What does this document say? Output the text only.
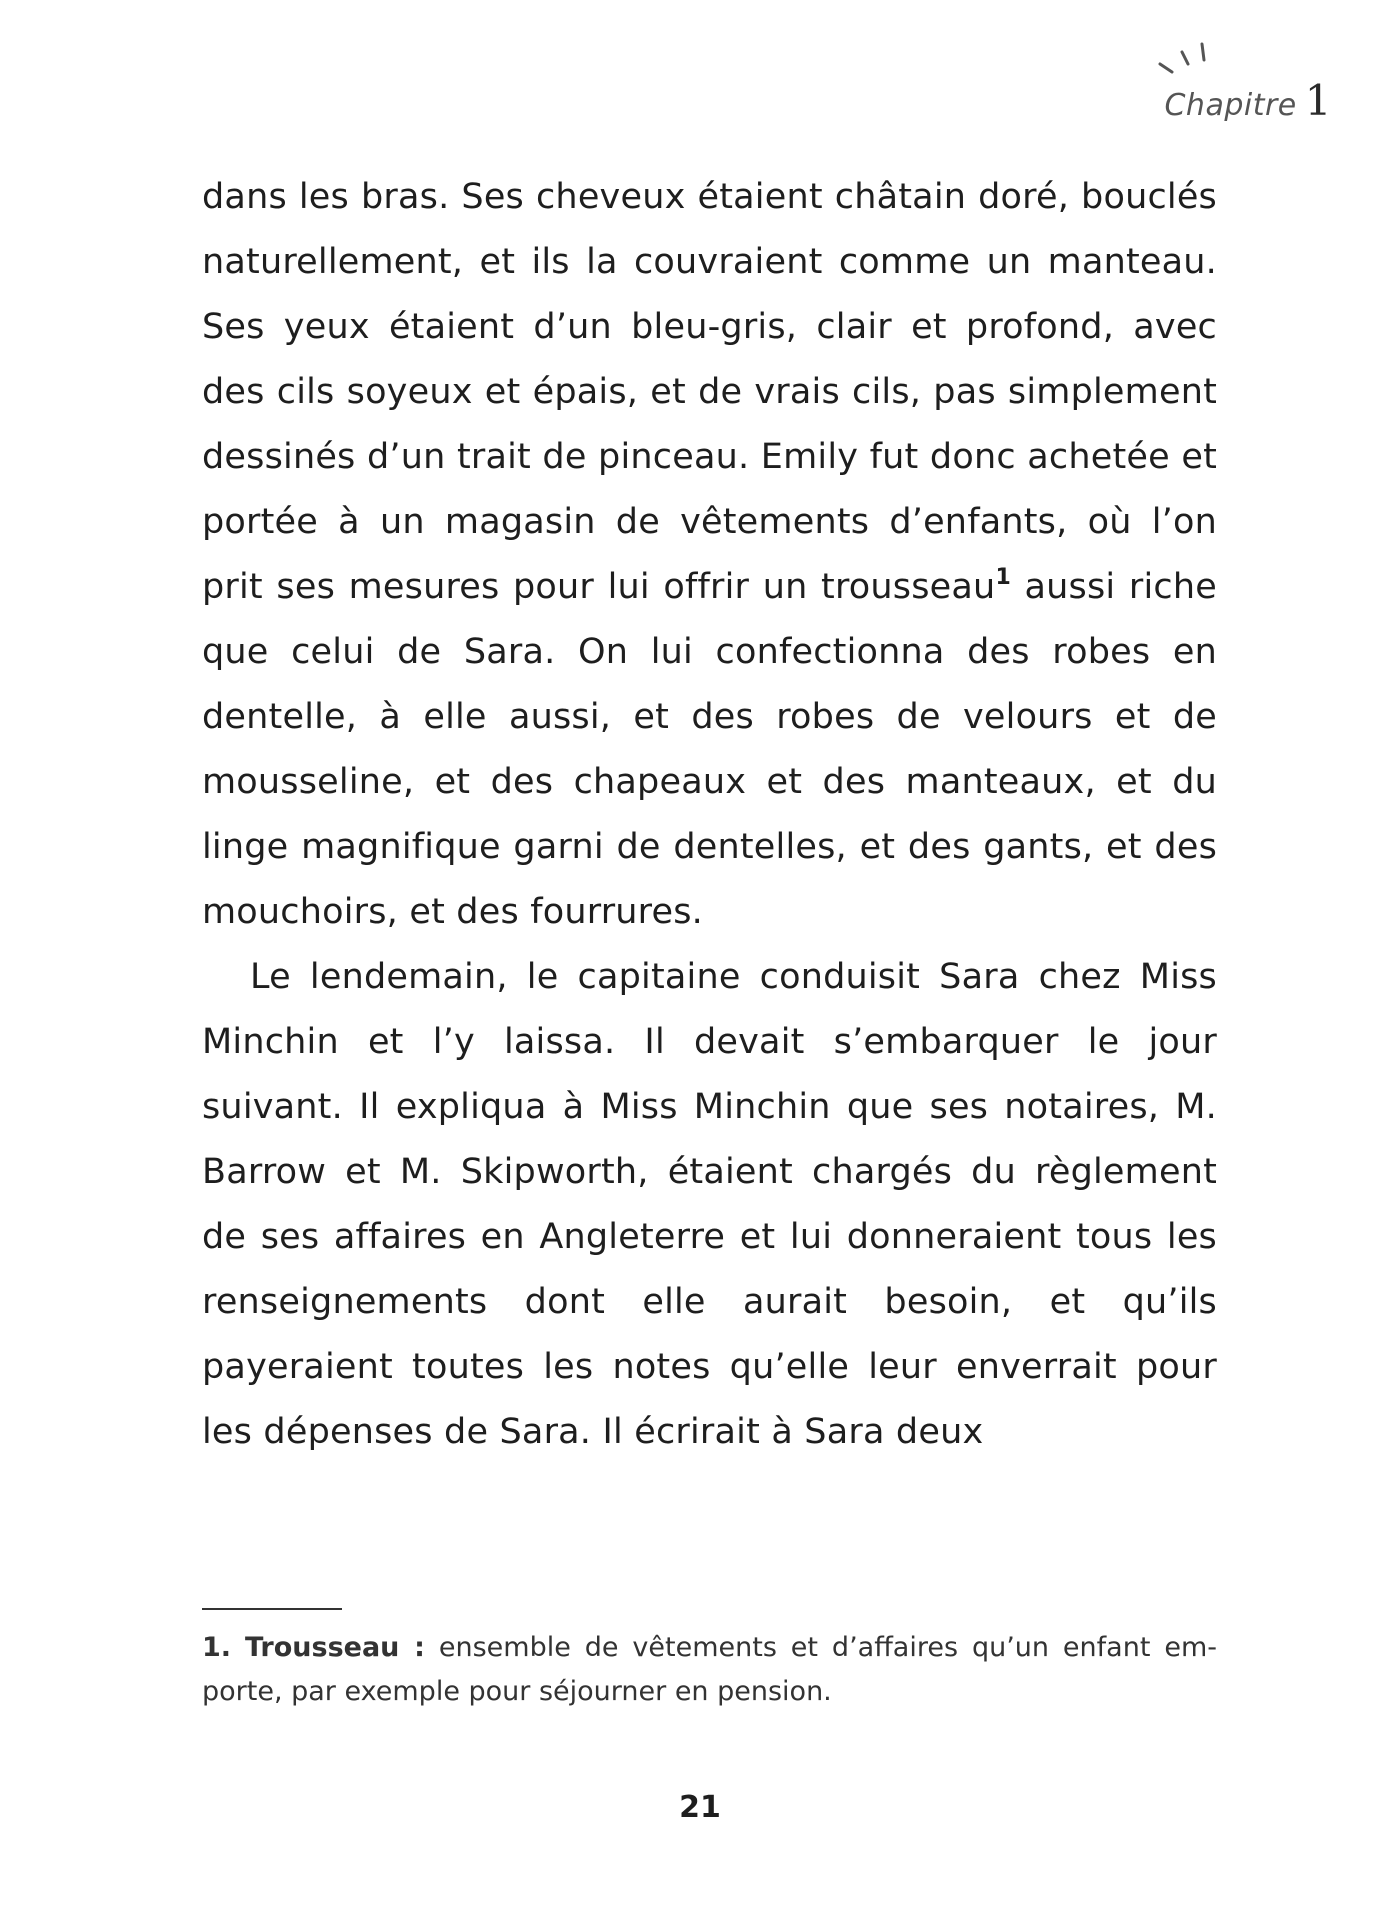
Chapitre 1

dans les bras. Ses cheveux étaient châtain doré, bouclés naturellement, et ils la couvraient comme un manteau. Ses yeux étaient d’un bleu-gris, clair et profond, avec des cils soyeux et épais, et de vrais cils, pas simplement dessinés d’un trait de pinceau. Emily fut donc achetée et portée à un magasin de vêtements d’enfants, où l’on prit ses mesures pour lui offrir un trousseau$^1$ aussi riche que celui de Sara. On lui confectionna des robes en dentelle, à elle aussi, et des robes de velours et de mousseline, et des chapeaux et des manteaux, et du linge magnifique garni de dentelles, et des gants, et des mouchoirs, et des fourrures.

Le lendemain, le capitaine conduisit Sara chez Miss Minchin et l’y laissa. Il devait s’embarquer le jour suivant. Il expliqua à Miss Minchin que ses notaires, M. Barrow et M. Skipworth, étaient chargés du règlement de ses affaires en Angleterre et lui donneraient tous les renseignements dont elle aurait besoin, et qu’ils payeraient toutes les notes qu’elle leur enverrait pour les dépenses de Sara. Il écrirait à Sara deux

1. Trousseau : ensemble de vêtements et d’affaires qu’un enfant emporte, par exemple pour séjourner en pension.
21
